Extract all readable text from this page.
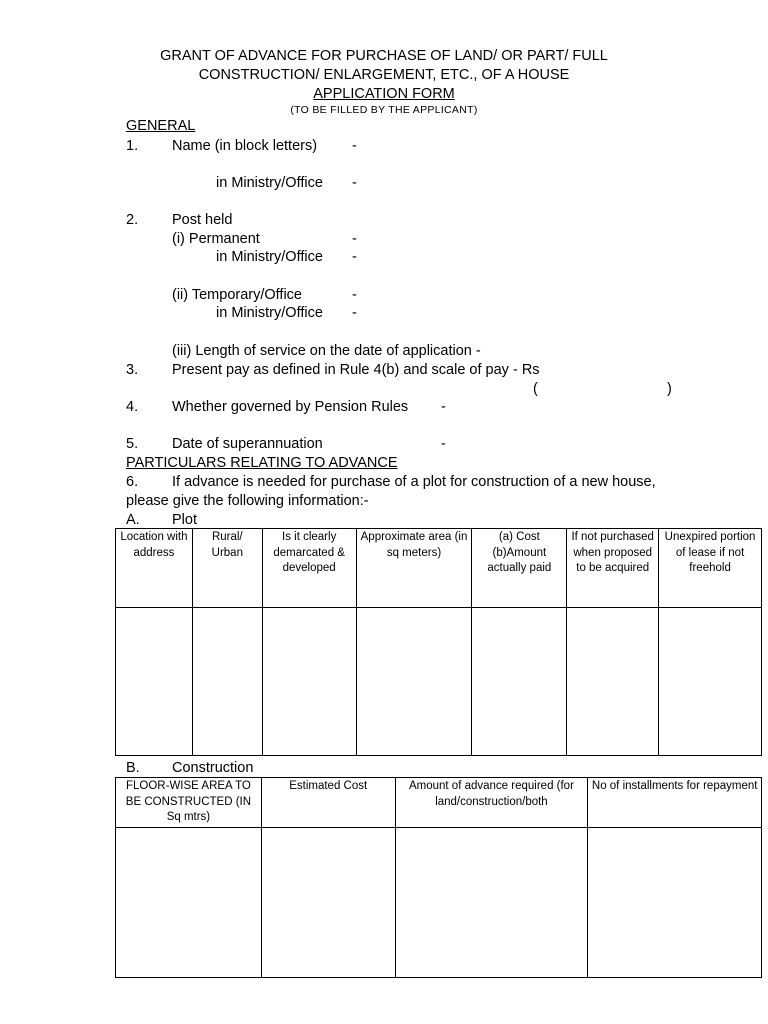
GRANT OF ADVANCE FOR PURCHASE OF LAND/ OR PART/ FULL
CONSTRUCTION/ ENLARGEMENT, ETC., OF A HOUSE
APPLICATION FORM
(TO BE FILLED BY THE APPLICANT)
GENERAL
1. Name (in block letters) -
in Ministry/Office -
2. Post held
(i) Permanent	-
in Ministry/Office -
(ii) Temporary/Office	-
in Ministry/Office -
(iii) Length of service on the date of application -
3. Present pay as defined in Rule 4(b) and scale of pay - Rs
(	)
4. Whether governed by Pension Rules -
5. Date of superannuation	-
PARTICULARS RELATING TO ADVANCE
6. If advance is needed for purchase of a plot for construction of a new house,
please give the following information:-
A. Plot
Location with address	Rural/ Urban	Is it clearly demarcated & developed	Approximate area (in sq meters)	(a) Cost (b)Amount actually paid	If not purchased when proposed to be acquired	Unexpired portion of lease if not freehold

B. Construction
FLOOR-WISE AREA TO BE CONSTRUCTED (IN Sq mtrs)	Estimated Cost	Amount of advance required (for land/construction/both	No of installments for repayment
